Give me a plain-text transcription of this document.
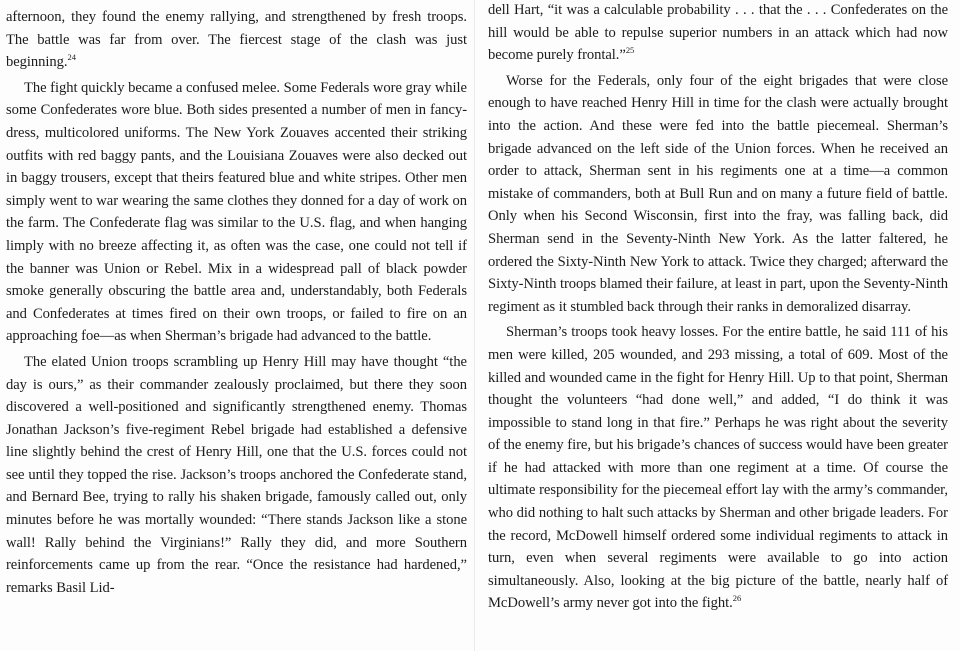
afternoon, they found the enemy rallying, and strengthened by fresh troops. The battle was far from over. The fiercest stage of the clash was just beginning.$^{24}$

The fight quickly became a confused melee. Some Federals wore gray while some Confederates wore blue. Both sides presented a number of men in fancy-dress, multicolored uniforms. The New York Zouaves accented their striking outfits with red baggy pants, and the Louisiana Zouaves were also decked out in baggy trousers, except that theirs featured blue and white stripes. Other men simply went to war wearing the same clothes they donned for a day of work on the farm. The Confederate flag was similar to the U.S. flag, and when hanging limply with no breeze affecting it, as often was the case, one could not tell if the banner was Union or Rebel. Mix in a widespread pall of black powder smoke generally obscuring the battle area and, understandably, both Federals and Confederates at times fired on their own troops, or failed to fire on an approaching foe—as when Sherman’s brigade had advanced to the battle.

The elated Union troops scrambling up Henry Hill may have thought “the day is ours,” as their commander zealously proclaimed, but there they soon discovered a well-positioned and significantly strengthened enemy. Thomas Jonathan Jackson’s five-regiment Rebel brigade had established a defensive line slightly behind the crest of Henry Hill, one that the U.S. forces could not see until they topped the rise. Jackson’s troops anchored the Confederate stand, and Bernard Bee, trying to rally his shaken brigade, famously called out, only minutes before he was mortally wounded: “There stands Jackson like a stone wall! Rally behind the Virginians!” Rally they did, and more Southern reinforcements came up from the rear. “Once the resistance had hardened,” remarks Basil Lid-

dell Hart, “it was a calculable probability . . . that the . . . Confederates on the hill would be able to repulse superior numbers in an attack which had now become purely frontal.”$^{25}$

Worse for the Federals, only four of the eight brigades that were close enough to have reached Henry Hill in time for the clash were actually brought into the action. And these were fed into the battle piecemeal. Sherman’s brigade advanced on the left side of the Union forces. When he received an order to attack, Sherman sent in his regiments one at a time—a common mistake of commanders, both at Bull Run and on many a future field of battle. Only when his Second Wisconsin, first into the fray, was falling back, did Sherman send in the Seventy-Ninth New York. As the latter faltered, he ordered the Sixty-Ninth New York to attack. Twice they charged; afterward the Sixty-Ninth troops blamed their failure, at least in part, upon the Seventy-Ninth regiment as it stumbled back through their ranks in demoralized disarray.

Sherman’s troops took heavy losses. For the entire battle, he said 111 of his men were killed, 205 wounded, and 293 missing, a total of 609. Most of the killed and wounded came in the fight for Henry Hill. Up to that point, Sherman thought the volunteers “had done well,” and added, “I do think it was impossible to stand long in that fire.” Perhaps he was right about the severity of the enemy fire, but his brigade’s chances of success would have been greater if he had attacked with more than one regiment at a time. Of course the ultimate responsibility for the piecemeal effort lay with the army’s commander, who did nothing to halt such attacks by Sherman and other brigade leaders. For the record, McDowell himself ordered some individual regiments to attack in turn, even when several regiments were available to go into action simultaneously. Also, looking at the big picture of the battle, nearly half of McDowell’s army never got into the fight.$^{26}$
